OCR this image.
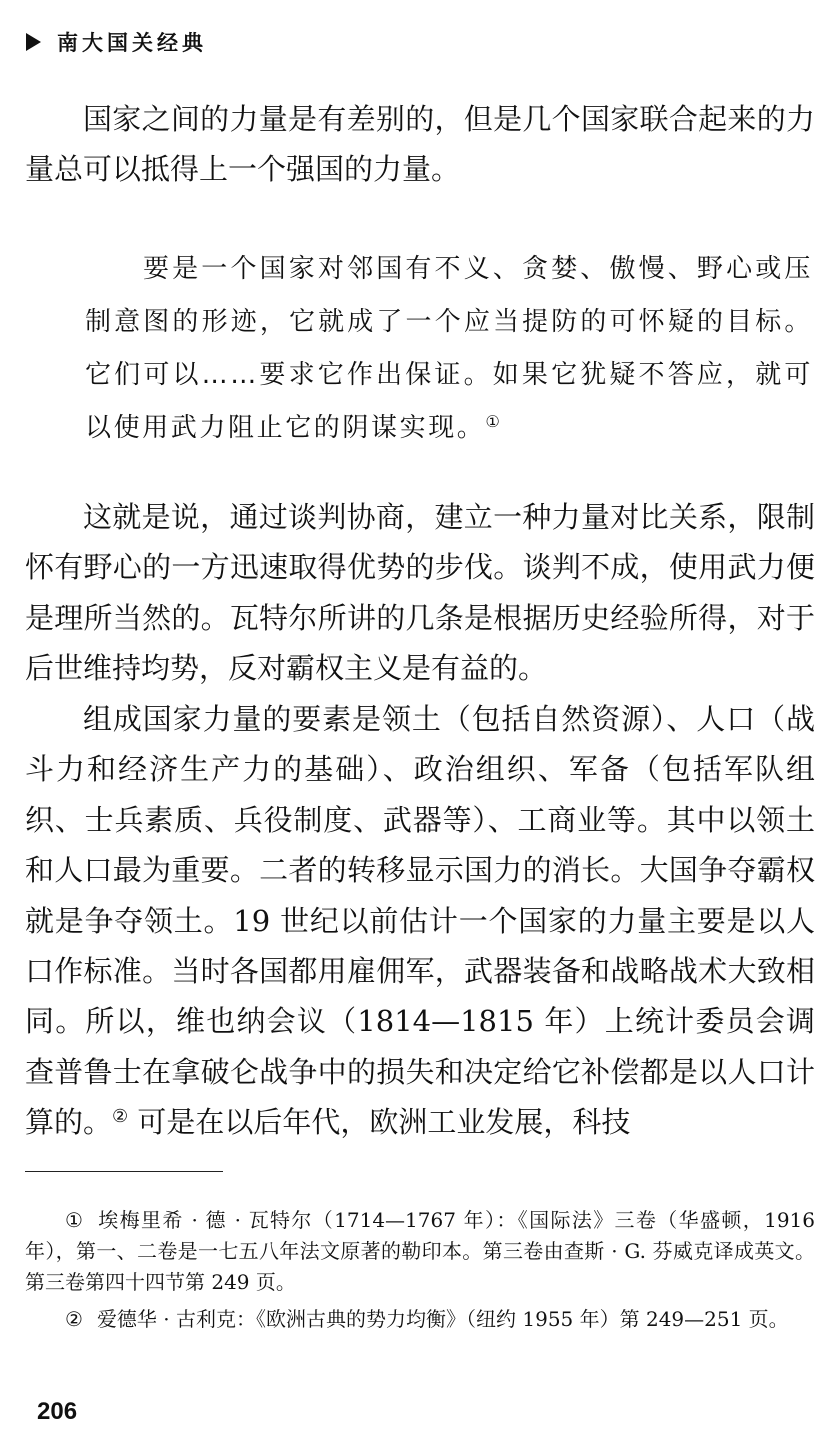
南大国关经典

国家之间的力量是有差别的，但是几个国家联合起来的力量总可以抵得上一个强国的力量。

要是一个国家对邻国有不义、贪婪、傲慢、野心或压制意图的形迹，它就成了一个应当提防的可怀疑的目标。它们可以……要求它作出保证。如果它犹疑不答应，就可以使用武力阻止它的阴谋实现。①

这就是说，通过谈判协商，建立一种力量对比关系，限制怀有野心的一方迅速取得优势的步伐。谈判不成，使用武力便是理所当然的。瓦特尔所讲的几条是根据历史经验所得，对于后世维持均势，反对霸权主义是有益的。

组成国家力量的要素是领土（包括自然资源）、人口（战斗力和经济生产力的基础）、政治组织、军备（包括军队组织、士兵素质、兵役制度、武器等）、工商业等。其中以领土和人口最为重要。二者的转移显示国力的消长。大国争夺霸权就是争夺领土。19 世纪以前估计一个国家的力量主要是以人口作标准。当时各国都用雇佣军，武器装备和战略战术大致相同。所以，维也纳会议（1814—1815 年）上统计委员会调查普鲁士在拿破仑战争中的损失和决定给它补偿都是以人口计算的。② 可是在以后年代，欧洲工业发展，科技

① 埃梅里希 · 德 · 瓦特尔（1714—1767 年）：《国际法》三卷（华盛顿，1916 年），第一、二卷是一七五八年法文原著的勒印本。第三卷由查斯 · G. 芬威克译成英文。第三卷第四十四节第 249 页。

② 爱德华 · 古利克：《欧洲古典的势力均衡》（纽约 1955 年）第 249—251 页。

206
